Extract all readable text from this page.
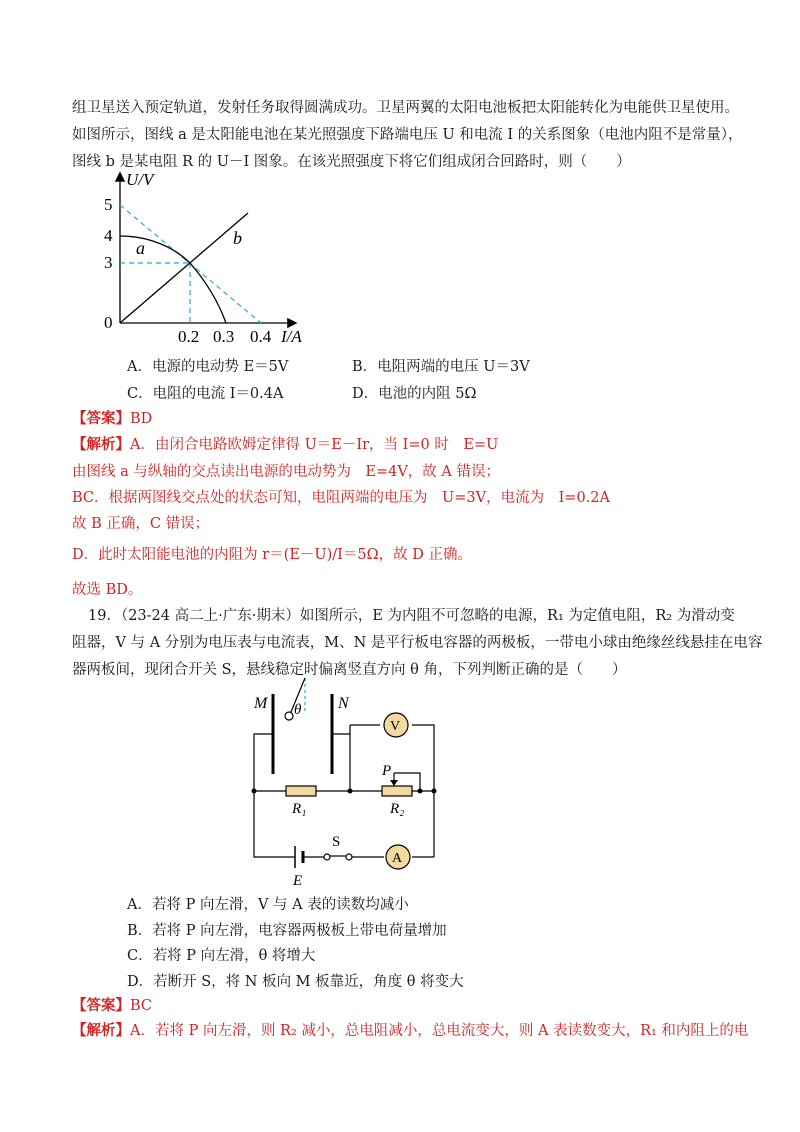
组卫星送入预定轨道，发射任务取得圆满成功。卫星两翼的太阳电池板把太阳能转化为电能供卫星使用。
如图所示，图线 a 是太阳能电池在某光照强度下路端电压 U 和电流 I 的关系图象（电池内阻不是常量），
图线 b 是某电阻 R 的 U－I 图象。在该光照强度下将它们组成闭合回路时，则（　　）
U/V
I/A
0
5
4
3
0.2 0.3 0.4
a	b
A．电源的电动势 E＝5V	B．电阻两端的电压 U＝3V
C．电阻的电流 I＝0.4A	D．电池的内阻 5Ω
【答案】BD
【解析】A．由闭合电路欧姆定律得 U＝E－Ir，当 I=0 时　E=U
由图线 a 与纵轴的交点读出电源的电动势为　E=4V，故 A 错误；
BC．根据两图线交点处的状态可知，电阻两端的电压为　U=3V，电流为　I=0.2A
故 B 正确，C 错误；
D．此时太阳能电池的内阻为 r＝(E－U)/I＝5Ω，故 D 正确。
故选 BD。
19．（23-24 高二上·广东·期末）如图所示，E 为内阻不可忽略的电源，R₁ 为定值电阻，R₂ 为滑动变
阻器，V 与 A 分别为电压表与电流表，M、N 是平行板电容器的两极板，一带电小球由绝缘丝线悬挂在电容
器两板间，现闭合开关 S，悬线稳定时偏离竖直方向 θ 角，下列判断正确的是（　　）
θ
M	N
R₁	R₂
P
V
E
S
A
A．若将 P 向左滑，V 与 A 表的读数均减小
B．若将 P 向左滑，电容器两极板上带电荷量增加
C．若将 P 向左滑，θ 将增大
D．若断开 S，将 N 板向 M 板靠近，角度 θ 将变大
【答案】BC
【解析】A．若将 P 向左滑，则 R₂ 减小，总电阻减小，总电流变大，则 A 表读数变大，R₁ 和内阻上的电
